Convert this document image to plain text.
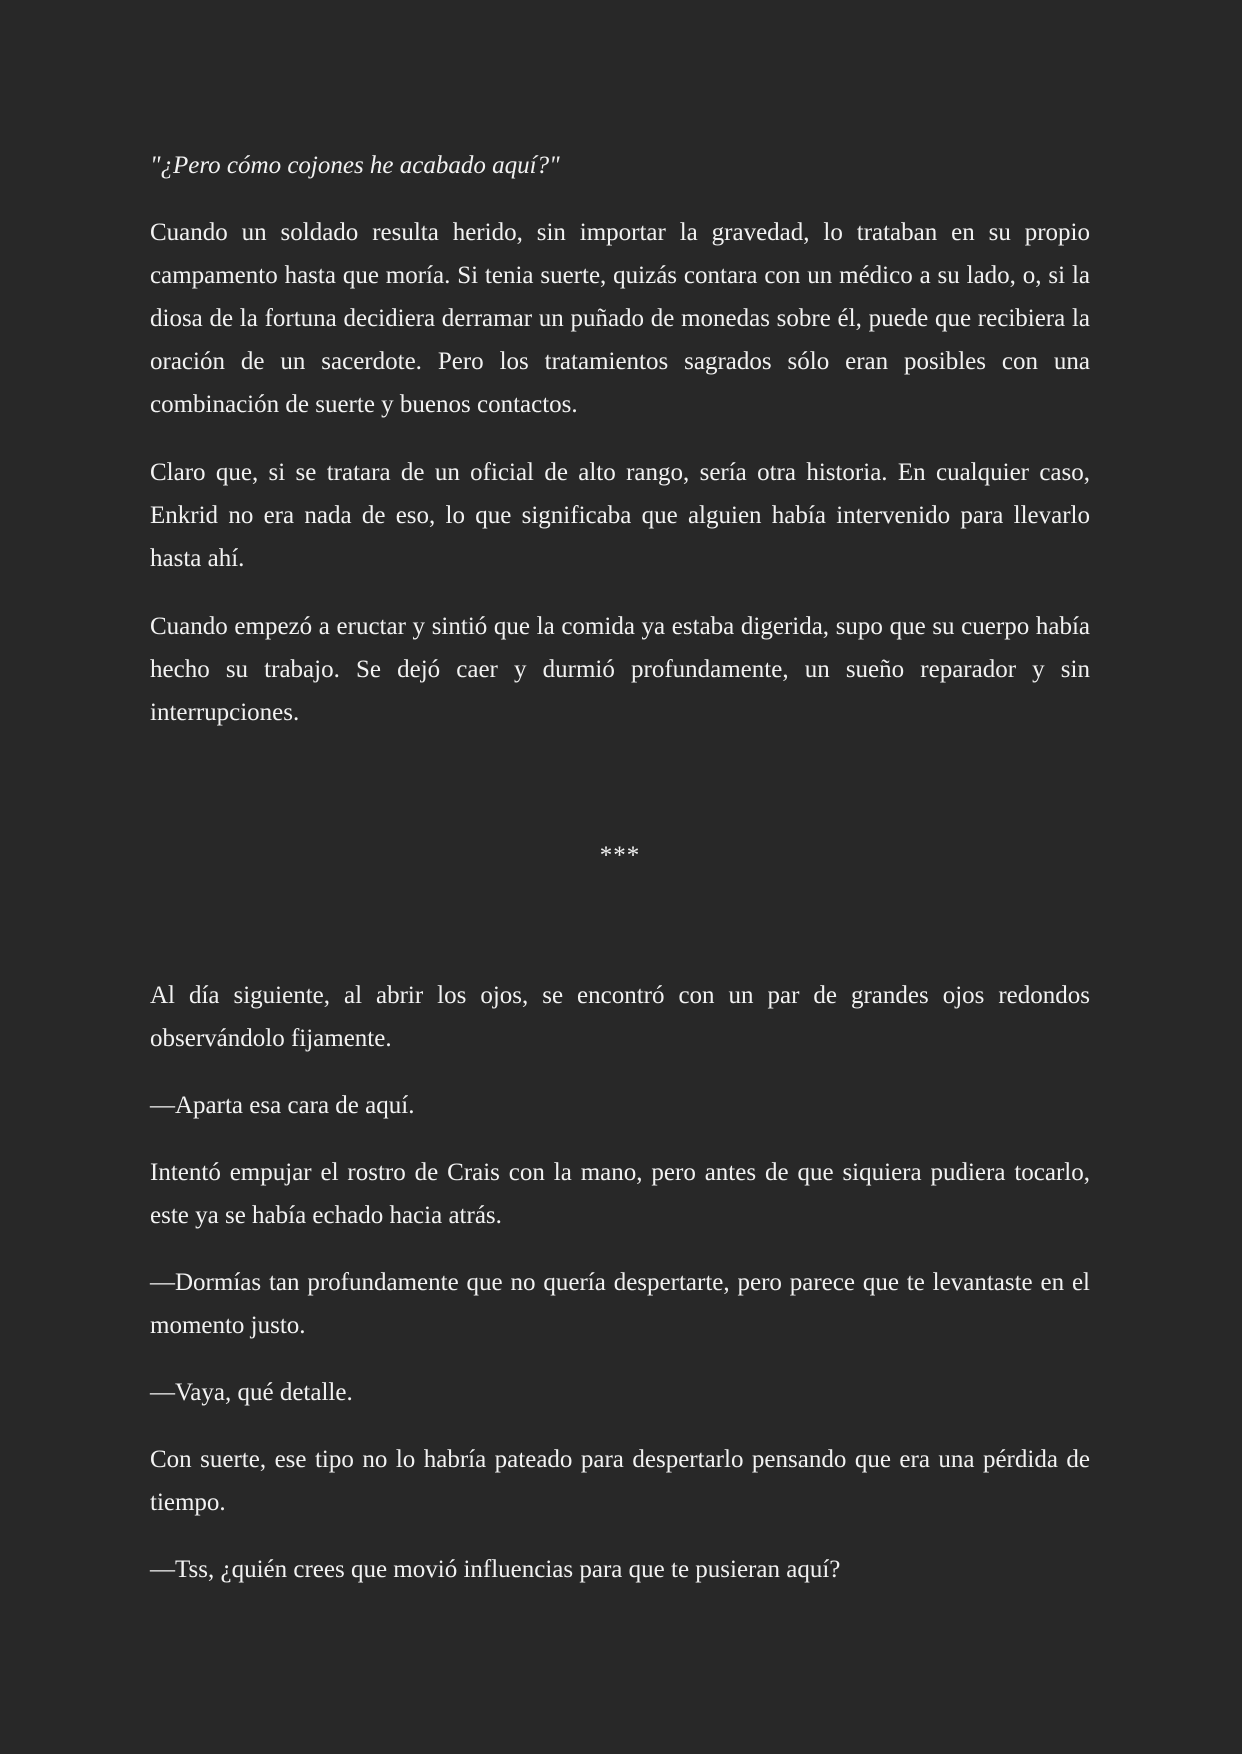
"¿Pero cómo cojones he acabado aquí?"

Cuando un soldado resulta herido, sin importar la gravedad, lo trataban en su propio campamento hasta que moría. Si tenia suerte, quizás contara con un médico a su lado, o, si la diosa de la fortuna decidiera derramar un puñado de monedas sobre él, puede que recibiera la oración de un sacerdote. Pero los tratamientos sagrados sólo eran posibles con una combinación de suerte y buenos contactos.

Claro que, si se tratara de un oficial de alto rango, sería otra historia. En cualquier caso, Enkrid no era nada de eso, lo que significaba que alguien había intervenido para llevarlo hasta ahí.

Cuando empezó a eructar y sintió que la comida ya estaba digerida, supo que su cuerpo había hecho su trabajo. Se dejó caer y durmió profundamente, un sueño reparador y sin interrupciones.

***

Al día siguiente, al abrir los ojos, se encontró con un par de grandes ojos redondos observándolo fijamente.

—Aparta esa cara de aquí.

Intentó empujar el rostro de Crais con la mano, pero antes de que siquiera pudiera tocarlo, este ya se había echado hacia atrás.

—Dormías tan profundamente que no quería despertarte, pero parece que te levantaste en el momento justo.

—Vaya, qué detalle.

Con suerte, ese tipo no lo habría pateado para despertarlo pensando que era una pérdida de tiempo.

—Tss, ¿quién crees que movió influencias para que te pusieran aquí?
